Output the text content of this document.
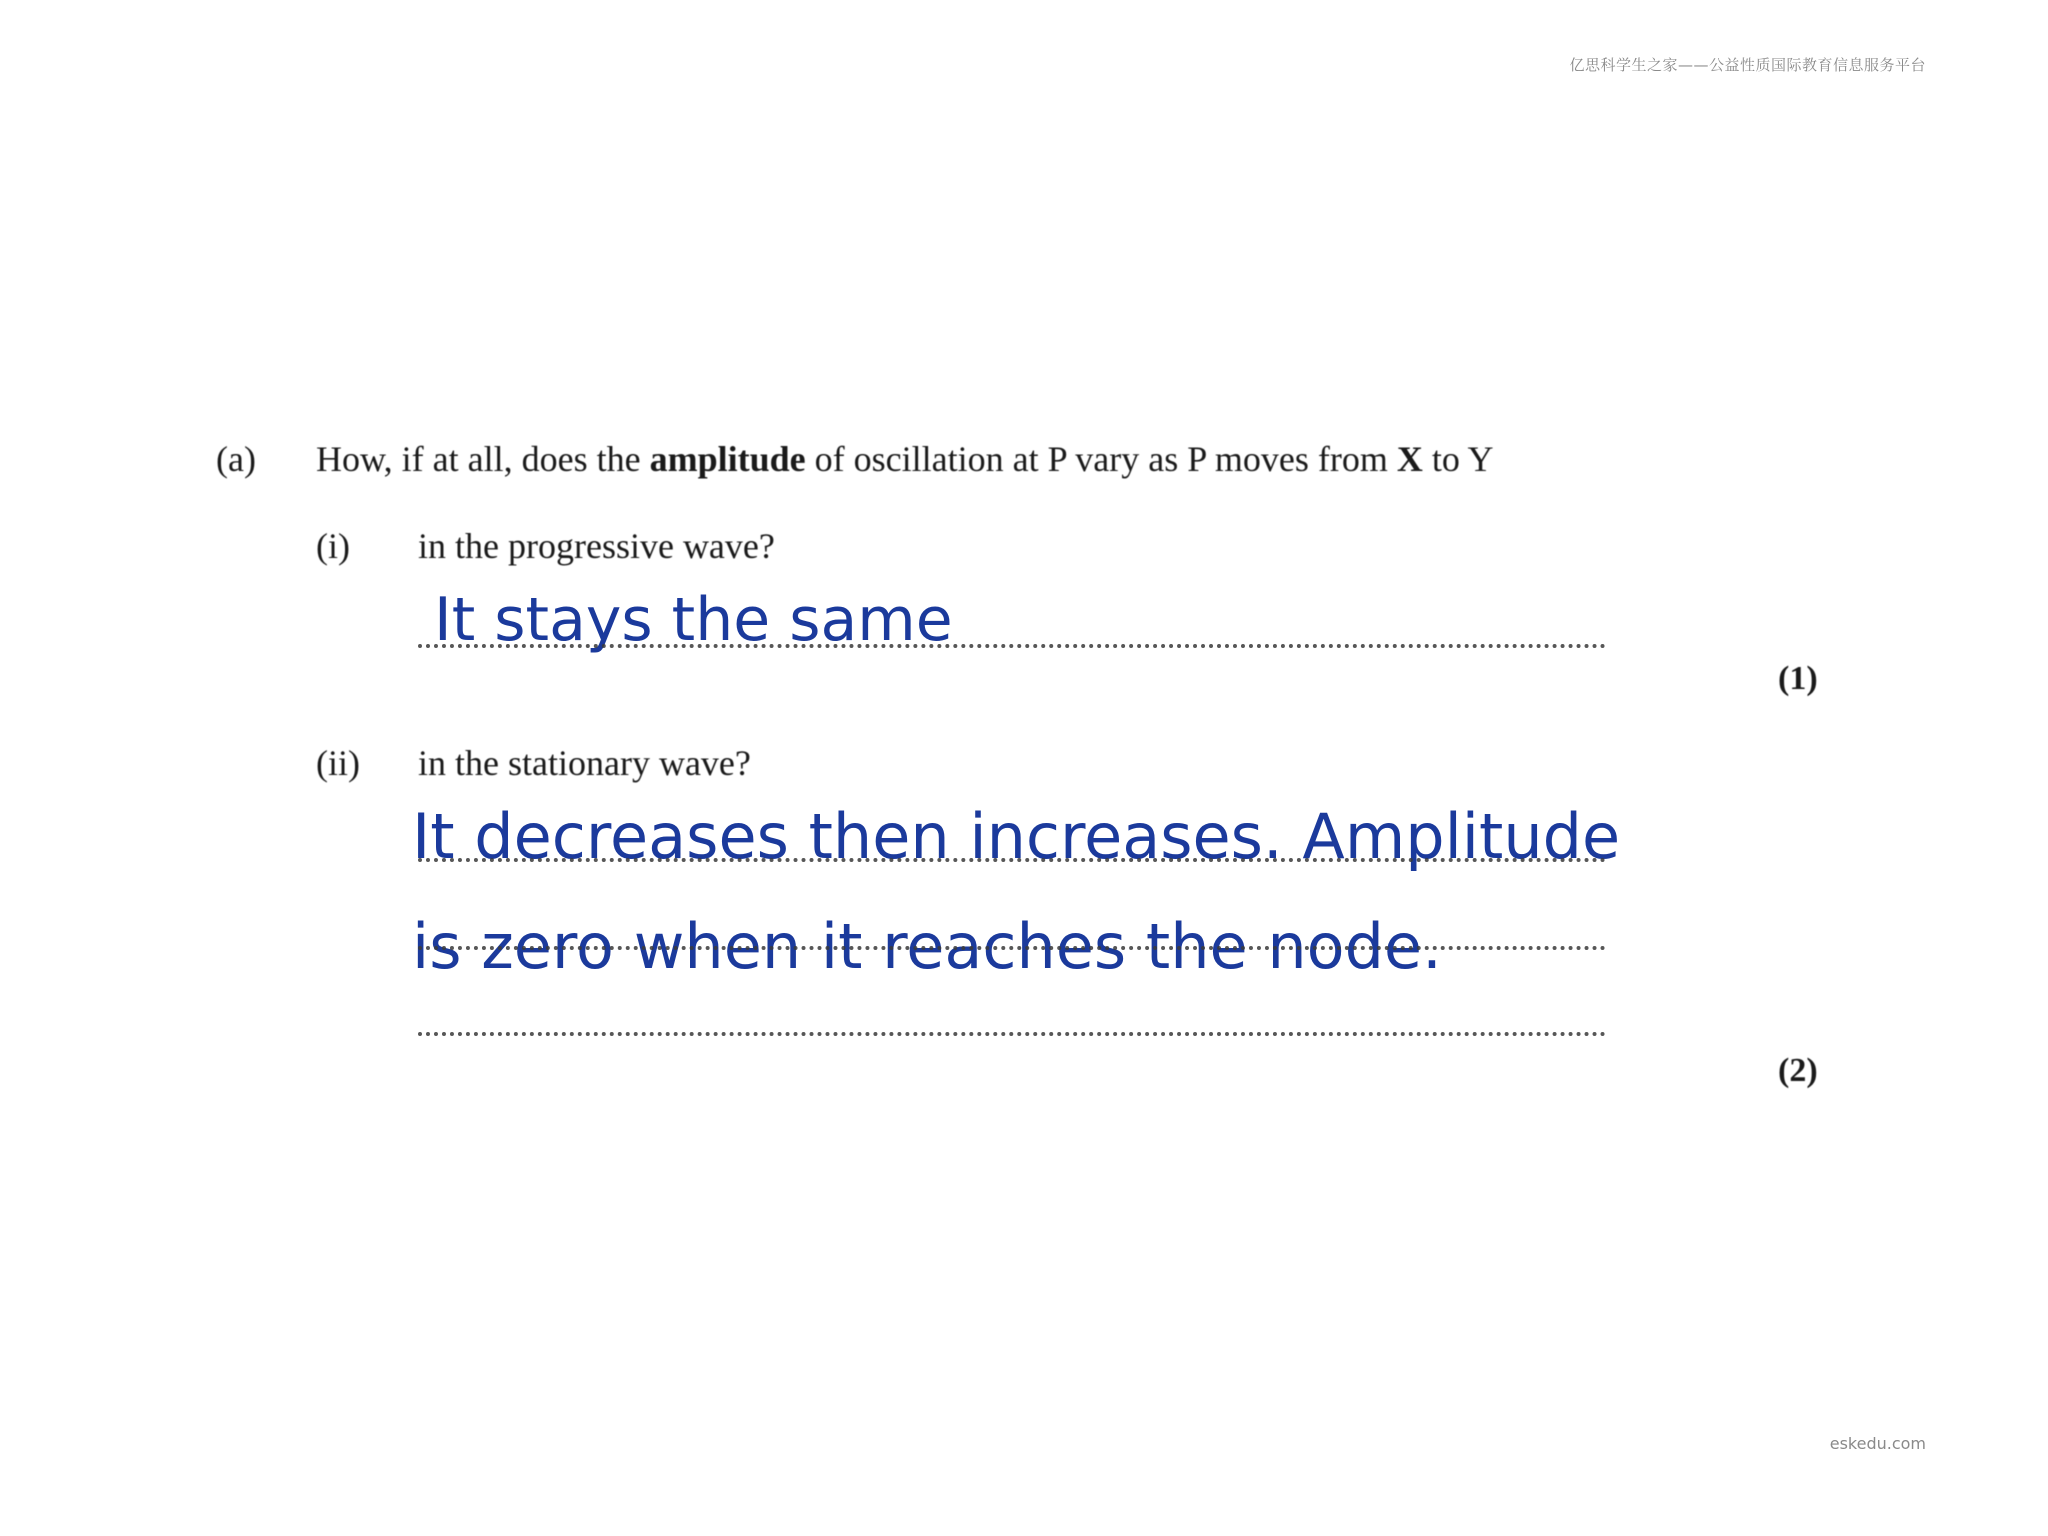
亿思科学生之家——公益性质国际教育信息服务平台
(a) How, if at all, does the amplitude of oscillation at P vary as P moves from X to Y
(i) in the progressive wave?
It stays the same
(1)
(ii) in the stationary wave?
It decreases then increases. Amplitude
is zero when it reaches the node.
(2)
eskedu.com
